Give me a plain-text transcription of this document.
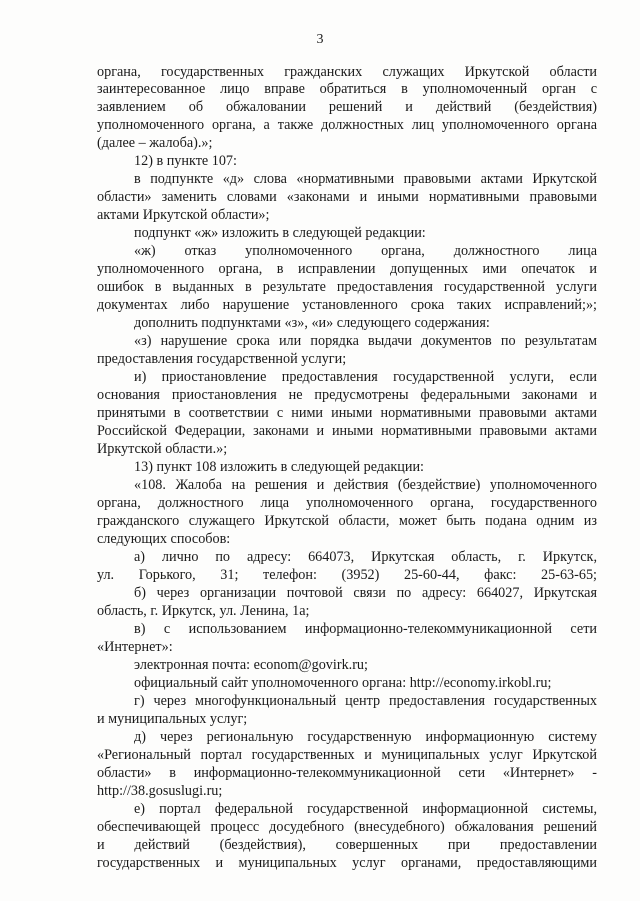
3
органа, государственных гражданских служащих Иркутской области
заинтересованное лицо вправе обратиться в уполномоченный орган с
заявлением об обжаловании решений и действий (бездействия)
уполномоченного органа, а также должностных лиц уполномоченного органа
(далее – жалоба).»;
12) в пункте 107:
в подпункте «д» слова «нормативными правовыми актами Иркутской
области» заменить словами «законами и иными нормативными правовыми
актами Иркутской области»;
подпункт «ж» изложить в следующей редакции:
«ж) отказ уполномоченного органа, должностного лица
уполномоченного органа, в исправлении допущенных ими опечаток и
ошибок в выданных в результате предоставления государственной услуги
документах либо нарушение установленного срока таких исправлений;»;
дополнить подпунктами «з», «и» следующего содержания:
«з) нарушение срока или порядка выдачи документов по результатам
предоставления государственной услуги;
и) приостановление предоставления государственной услуги, если
основания приостановления не предусмотрены федеральными законами и
принятыми в соответствии с ними иными нормативными правовыми актами
Российской Федерации, законами и иными нормативными правовыми актами
Иркутской области.»;
13) пункт 108 изложить в следующей редакции:
«108. Жалоба на решения и действия (бездействие) уполномоченного
органа, должностного лица уполномоченного органа, государственного
гражданского служащего Иркутской области, может быть подана одним из
следующих способов:
а) лично по адресу: 664073, Иркутская область, г. Иркутск,
ул. Горького, 31; телефон: (3952) 25-60-44, факс: 25-63-65;
б) через организации почтовой связи по адресу: 664027, Иркутская
область, г. Иркутск, ул. Ленина, 1а;
в) с использованием информационно-телекоммуникационной сети
«Интернет»:
электронная почта: econom@govirk.ru;
официальный сайт уполномоченного органа: http://economy.irkobl.ru;
г) через многофункциональный центр предоставления государственных
и муниципальных услуг;
д) через региональную государственную информационную систему
«Региональный портал государственных и муниципальных услуг Иркутской
области» в информационно-телекоммуникационной сети «Интернет» -
http://38.gosuslugi.ru;
е) портал федеральной государственной информационной системы,
обеспечивающей процесс досудебного (внесудебного) обжалования решений
и действий (бездействия), совершенных при предоставлении
государственных и муниципальных услуг органами, предоставляющими
